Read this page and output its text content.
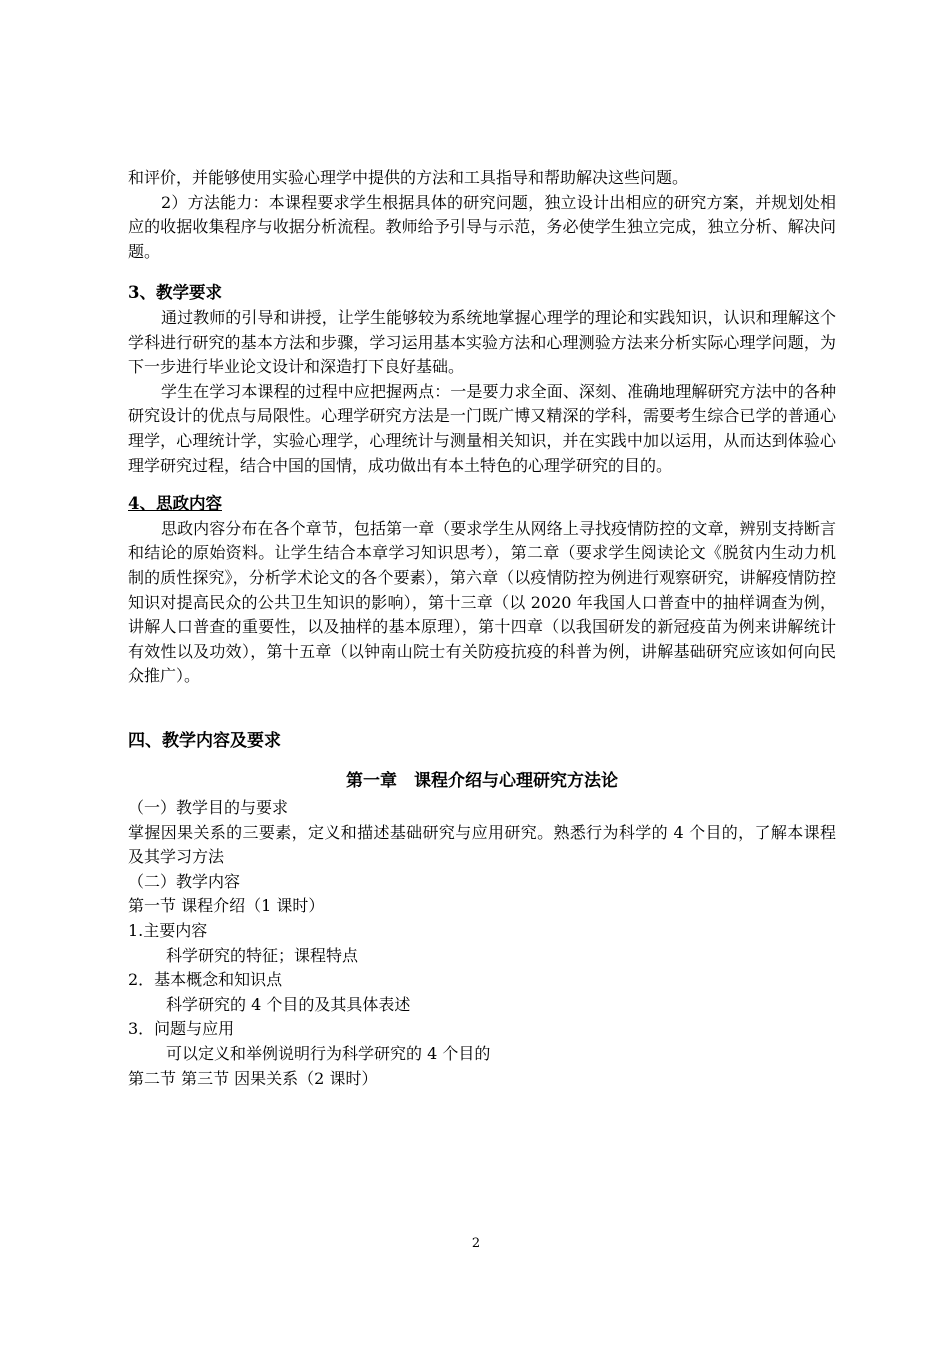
和评价，并能够使用实验心理学中提供的方法和工具指导和帮助解决这些问题。

2）方法能力：本课程要求学生根据具体的研究问题，独立设计出相应的研究方案，并规划处相应的收据收集程序与收据分析流程。教师给予引导与示范，务必使学生独立完成，独立分析、解决问题。

3、教学要求

通过教师的引导和讲授，让学生能够较为系统地掌握心理学的理论和实践知识，认识和理解这个学科进行研究的基本方法和步骤，学习运用基本实验方法和心理测验方法来分析实际心理学问题，为下一步进行毕业论文设计和深造打下良好基础。

学生在学习本课程的过程中应把握两点：一是要力求全面、深刻、准确地理解研究方法中的各种研究设计的优点与局限性。心理学研究方法是一门既广博又精深的学科，需要考生综合已学的普通心理学，心理统计学，实验心理学，心理统计与测量相关知识，并在实践中加以运用，从而达到体验心理学研究过程，结合中国的国情，成功做出有本土特色的心理学研究的目的。

4、思政内容

思政内容分布在各个章节，包括第一章（要求学生从网络上寻找疫情防控的文章，辨别支持断言和结论的原始资料。让学生结合本章学习知识思考），第二章（要求学生阅读论文《脱贫内生动力机制的质性探究》，分析学术论文的各个要素），第六章（以疫情防控为例进行观察研究，讲解疫情防控知识对提高民众的公共卫生知识的影响），第十三章（以 2020 年我国人口普查中的抽样调查为例，讲解人口普查的重要性，以及抽样的基本原理），第十四章（以我国研发的新冠疫苗为例来讲解统计有效性以及功效），第十五章（以钟南山院士有关防疫抗疫的科普为例，讲解基础研究应该如何向民众推广）。

四、教学内容及要求

第一章　课程介绍与心理研究方法论

（一）教学目的与要求

掌握因果关系的三要素，定义和描述基础研究与应用研究。熟悉行为科学的 4 个目的，了解本课程及其学习方法

（二）教学内容

第一节 课程介绍（1 课时）

1.主要内容

科学研究的特征；课程特点

2．基本概念和知识点

科学研究的 4 个目的及其具体表述

3．问题与应用

可以定义和举例说明行为科学研究的 4 个目的

第二节 第三节 因果关系（2 课时）

2
